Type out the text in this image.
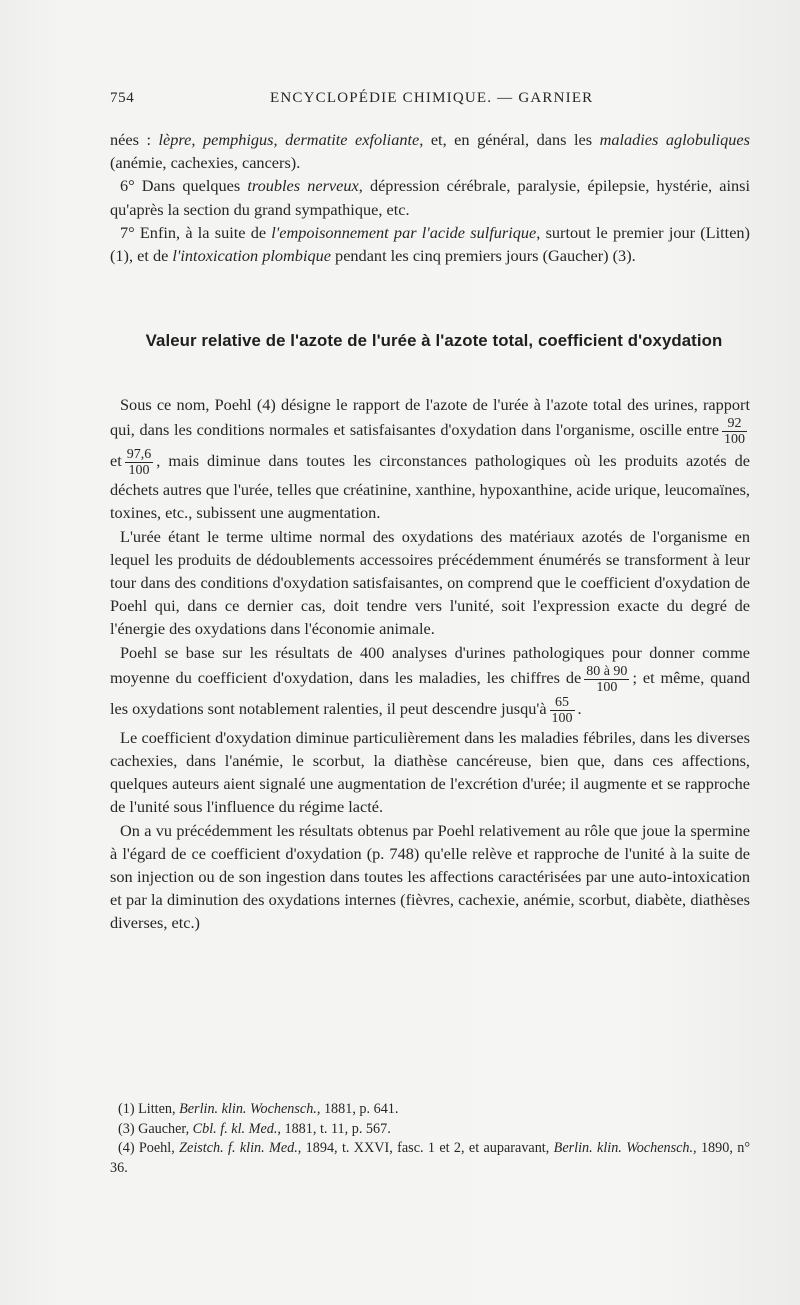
754	ENCYCLOPÉDIE CHIMIQUE. — GARNIER

nées : lèpre, pemphigus, dermatite exfoliante, et, en général, dans les maladies aglobuliques (anémie, cachexies, cancers).

6° Dans quelques troubles nerveux, dépression cérébrale, paralysie, épilepsie, hystérie, ainsi qu'après la section du grand sympathique, etc.

7° Enfin, à la suite de l'empoisonnement par l'acide sulfurique, surtout le premier jour (Litten) (1), et de l'intoxication plombique pendant les cinq premiers jours (Gaucher) (3).

Valeur relative de l'azote de l'urée à l'azote total, coefficient d'oxydation

Sous ce nom, Poehl (4) désigne le rapport de l'azote de l'urée à l'azote total des urines, rapport qui, dans les conditions normales et satisfaisantes d'oxydation dans l'organisme, oscille entre $\frac{92}{100}$
et $\frac{97,6}{100}$ , mais diminue dans toutes les circonstances pathologiques où les produits azotés de déchets autres que l'urée, telles que créatinine, xanthine, hypoxanthine, acide urique, leucomaïnes, toxines, etc., subissent une augmentation.

L'urée étant le terme ultime normal des oxydations des matériaux azotés de l'organisme en lequel les produits de dédoublements accessoires précédemment énumérés se transforment à leur tour dans des conditions d'oxydation satisfaisantes, on comprend que le coefficient d'oxydation de Poehl qui, dans ce dernier cas, doit tendre vers l'unité, soit l'expression exacte du degré de l'énergie des oxydations dans l'économie animale.

Poehl se base sur les résultats de 400 analyses d'urines pathologiques pour donner comme moyenne du coefficient d'oxydation, dans les maladies, les chiffres de $\frac{80 à 90}{100}$ ; et même, quand les oxydations sont notablement ralenties, il peut descendre jusqu'à $\frac{65}{100}$ .

Le coefficient d'oxydation diminue particulièrement dans les maladies fébriles, dans les diverses cachexies, dans l'anémie, le scorbut, la diathèse cancéreuse, bien que, dans ces affections, quelques auteurs aient signalé une augmentation de l'excrétion d'urée; il augmente et se rapproche de l'unité sous l'influence du régime lacté.

On a vu précédemment les résultats obtenus par Poehl relativement au rôle que joue la spermine à l'égard de ce coefficient d'oxydation (p. 748) qu'elle relève et rapproche de l'unité à la suite de son injection ou de son ingestion dans toutes les affections caractérisées par une auto-intoxication et par la diminution des oxydations internes (fièvres, cachexie, anémie, scorbut, diabète, diathèses diverses, etc.)

(1) Litten, Berlin. klin. Wochensch., 1881, p. 641.

(3) Gaucher, Cbl. f. kl. Med., 1881, t. 11, p. 567.

(4) Poehl, Zeistch. f. klin. Med., 1894, t. XXVI, fasc. 1 et 2, et auparavant, Berlin. klin. Wochensch., 1890, n° 36.
